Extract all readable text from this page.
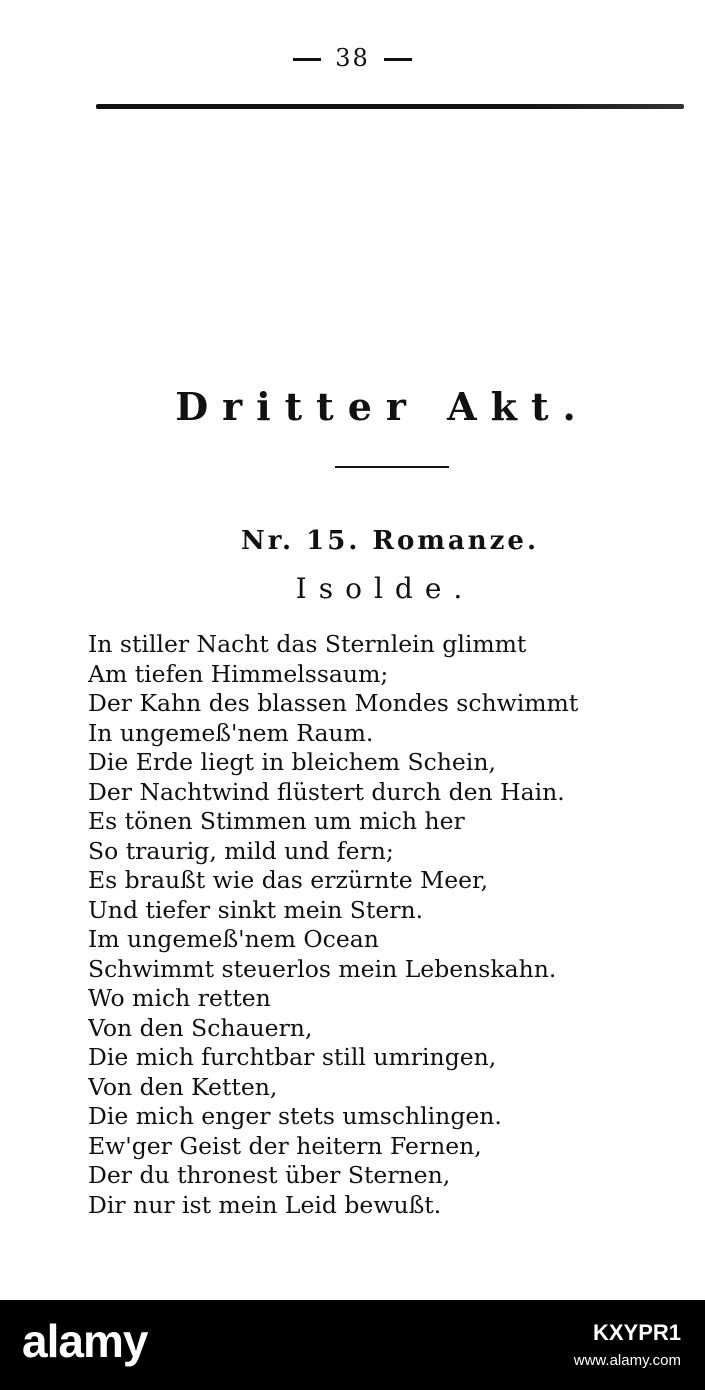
38
Dritter Akt.
Nr. 15. Romanze.
Isolde.
In stiller Nacht das Sternlein glimmt
Am tiefen Himmelssaum;
Der Kahn des blassen Mondes schwimmt
In ungemeß'nem Raum.
Die Erde liegt in bleichem Schein,
Der Nachtwind flüstert durch den Hain.
Es tönen Stimmen um mich her
So traurig, mild und fern;
Es braußt wie das erzürnte Meer,
Und tiefer sinkt mein Stern.
Im ungemeß'nem Ocean
Schwimmt steuerlos mein Lebenskahn.
Wo mich retten
Von den Schauern,
Die mich furchtbar still umringen,
Von den Ketten,
Die mich enger stets umschlingen.
Ew'ger Geist der heitern Fernen,
Der du thronest über Sternen,
Dir nur ist mein Leid bewußt.
alamy	KXYPR1
www.alamy.com
